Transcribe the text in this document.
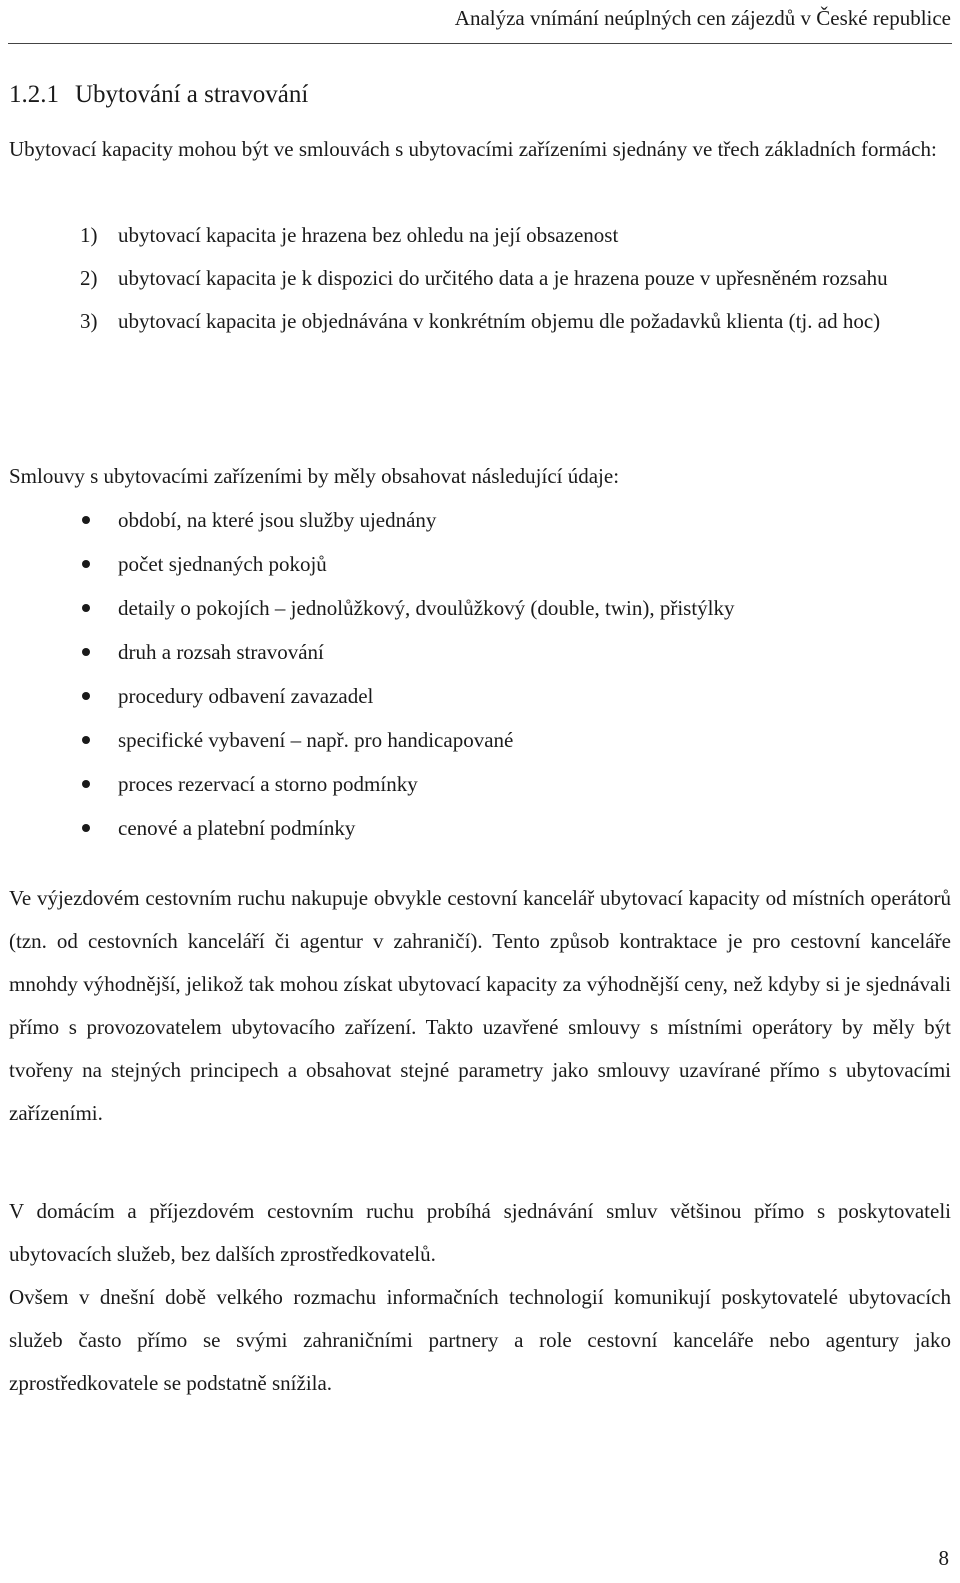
Analýza vnímání neúplných cen zájezdů v České republice
1.2.1 Ubytování a stravování

Ubytovací kapacity mohou být ve smlouvách s ubytovacími zařízeními sjednány ve třech základních formách:

1) ubytovací kapacita je hrazena bez ohledu na její obsazenost
2) ubytovací kapacita je k dispozici do určitého data a je hrazena pouze v upřesněném rozsahu
3) ubytovací kapacita je objednávána v konkrétním objemu dle požadavků klienta (tj. ad hoc)

Smlouvy s ubytovacími zařízeními by měly obsahovat následující údaje:

období, na které jsou služby ujednány
počet sjednaných pokojů
detaily o pokojích – jednolůžkový, dvoulůžkový (double, twin), přistýlky
druh a rozsah stravování
procedury odbavení zavazadel
specifické vybavení – např. pro handicapované
proces rezervací a storno podmínky
cenové a platební podmínky

Ve výjezdovém cestovním ruchu nakupuje obvykle cestovní kancelář ubytovací kapacity od místních operátorů (tzn. od cestovních kanceláří či agentur v zahraničí). Tento způsob kontraktace je pro cestovní kanceláře mnohdy výhodnější, jelikož tak mohou získat ubytovací kapacity za výhodnější ceny, než kdyby si je sjednávali přímo s provozovatelem ubytovacího zařízení. Takto uzavřené smlouvy s místními operátory by měly být tvořeny na stejných principech a obsahovat stejné parametry jako smlouvy uzavírané přímo s ubytovacími zařízeními.

V domácím a příjezdovém cestovním ruchu probíhá sjednávání smluv většinou přímo s poskytovateli ubytovacích služeb, bez dalších zprostředkovatelů.

Ovšem v dnešní době velkého rozmachu informačních technologií komunikují poskytovatelé ubytovacích služeb často přímo se svými zahraničními partnery a role cestovní kanceláře nebo agentury jako zprostředkovatele se podstatně snížila.

8
